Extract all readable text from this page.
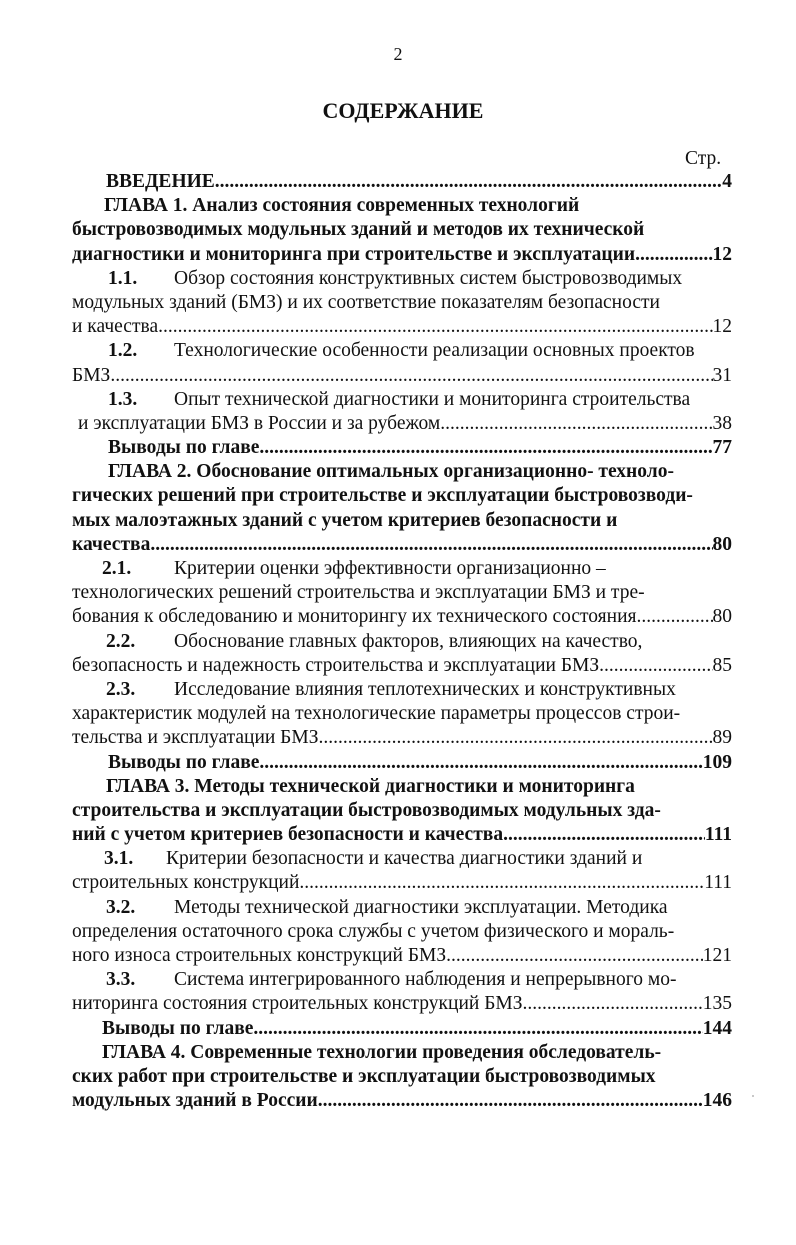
2
СОДЕРЖАНИЕ
Стр.
ВВЕДЕНИЕ .....	4
ГЛАВА 1. Анализ состояния современных технологий
быстровозводимых модульных зданий и методов их технической
диагностики и мониторинга при строительстве и эксплуатации .....	12
1.1.	Обзор состояния конструктивных систем быстровозводимых
модульных зданий (БМЗ) и их соответствие показателям безопасности
и качества .....	12
1.2.	Технологические особенности реализации основных проектов
БМЗ .....	31
1.3.	Опыт технической диагностики и мониторинга строительства
и эксплуатации БМЗ в России и за рубежом .....	38
Выводы по главе .....	77
ГЛАВА 2. Обоснование оптимальных организационно- техноло-
гических решений при строительстве и эксплуатации быстровозводи-
мых малоэтажных зданий с учетом критериев безопасности и
качества .....	80
2.1.	Критерии оценки эффективности организационно –
технологических решений строительства и эксплуатации БМЗ и тре-
бования к обследованию и мониторингу их технического состояния .....	80
2.2.	Обоснование главных факторов, влияющих на качество,
безопасность и надежность строительства и эксплуатации БМЗ .....	85
2.3.	Исследование влияния теплотехнических и конструктивных
характеристик модулей на технологические параметры процессов строи-
тельства и эксплуатации БМЗ .....	89
Выводы по главе .....	109
ГЛАВА 3. Методы технической диагностики и мониторинга
строительства и эксплуатации быстровозводимых модульных зда-
ний с учетом критериев безопасности и качества .....	111
3.1.	Критерии безопасности и качества диагностики зданий и
строительных конструкций .....	111
3.2.	Методы технической диагностики эксплуатации. Методика
определения остаточного срока службы с учетом физического и мораль-
ного износа строительных конструкций БМЗ. .....	121
3.3.	Система интегрированного наблюдения и непрерывного мо-
ниторинга состояния строительных конструкций БМЗ .....	135
Выводы по главе .....	144
ГЛАВА 4. Современные технологии проведения обследователь-
ских работ при строительстве и эксплуатации быстровозводимых
модульных зданий в России .....	146
